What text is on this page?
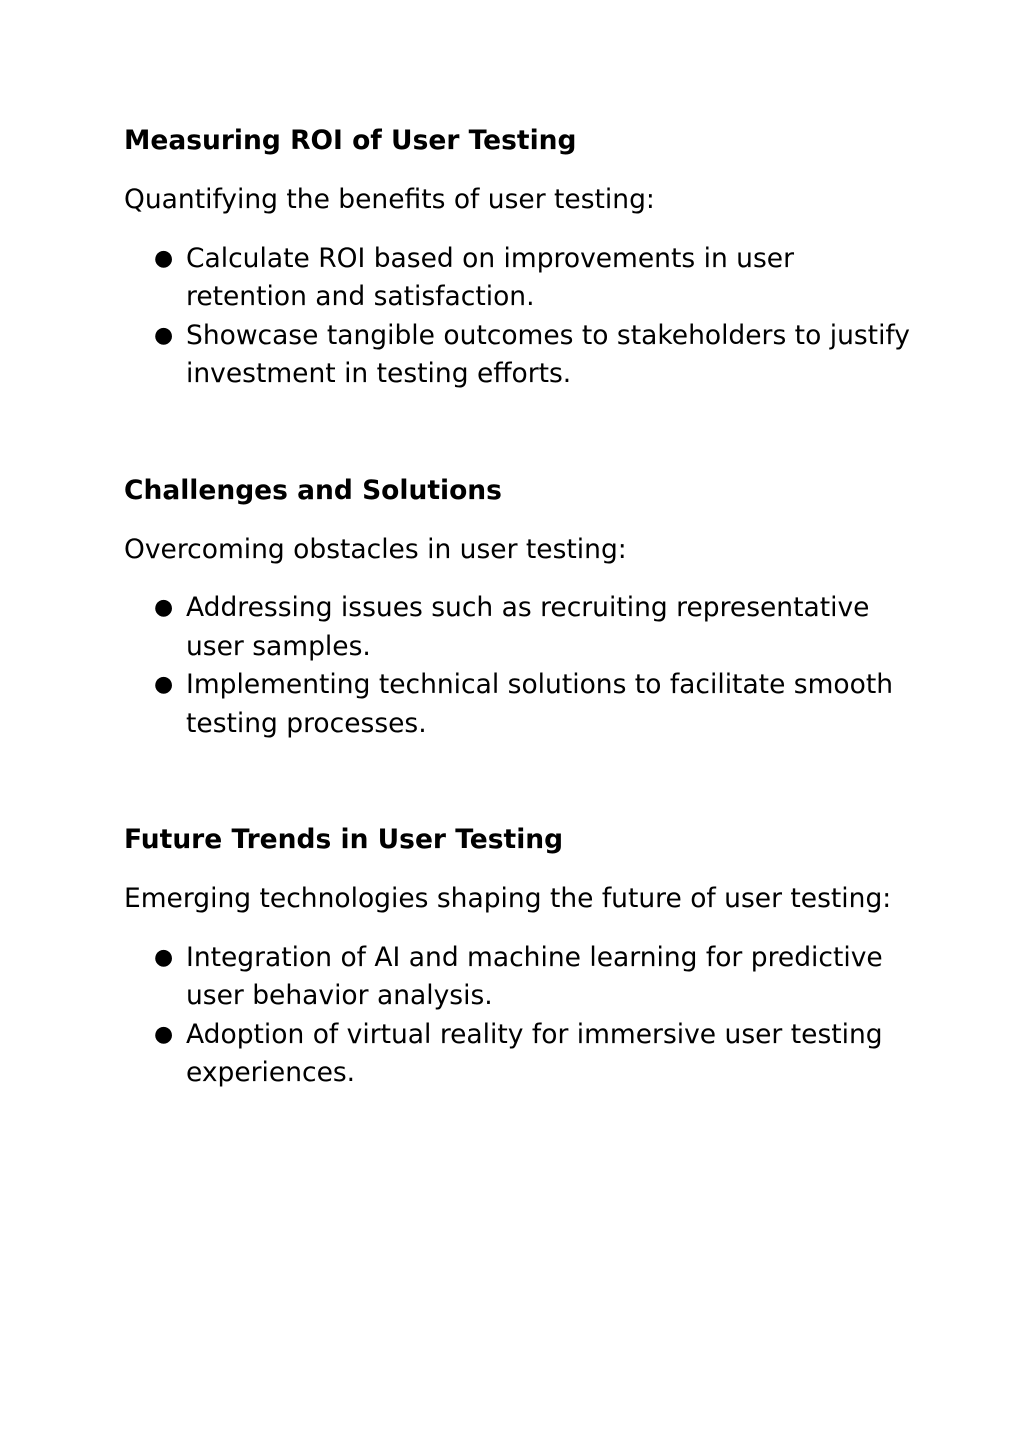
Measuring ROI of User Testing

Quantifying the benefits of user testing:

● Calculate ROI based on improvements in user retention and satisfaction.
● Showcase tangible outcomes to stakeholders to justify investment in testing efforts.
Challenges and Solutions

Overcoming obstacles in user testing:

● Addressing issues such as recruiting representative user samples.
● Implementing technical solutions to facilitate smooth testing processes.
Future Trends in User Testing

Emerging technologies shaping the future of user testing:

● Integration of AI and machine learning for predictive user behavior analysis.
● Adoption of virtual reality for immersive user testing experiences.
